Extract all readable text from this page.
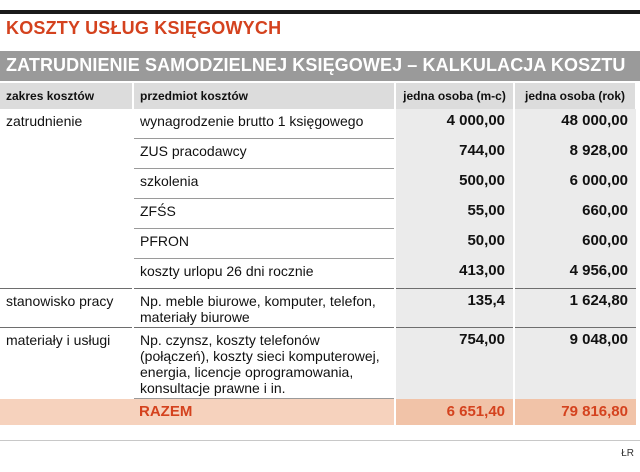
KOSZTY USŁUG KSIĘGOWYCH
ZATRUDNIENIE SAMODZIELNEJ KSIĘGOWEJ – KALKULACJA KOSZTU
zakres kosztów	przedmiot kosztów	jedna osoba (m-c)	jedna osoba (rok)
zatrudnienie	wynagrodzenie brutto 1 księgowego	4 000,00	48 000,00
	ZUS pracodawcy	744,00	8 928,00
	szkolenia	500,00	6 000,00
	ZFŚS	55,00	660,00
	PFRON	50,00	600,00
	koszty urlopu 26 dni rocznie	413,00	4 956,00
stanowisko pracy	Np. meble biurowe, komputer, telefon, materiały biurowe	135,4	1 624,80
materiały i usługi	Np. czynsz, koszty telefonów (połączeń), koszty sieci komputerowej, energia, licencje oprogramowania, konsultacje prawne i in.	754,00	9 048,00
	RAZEM	6 651,40	79 816,80
ŁR
